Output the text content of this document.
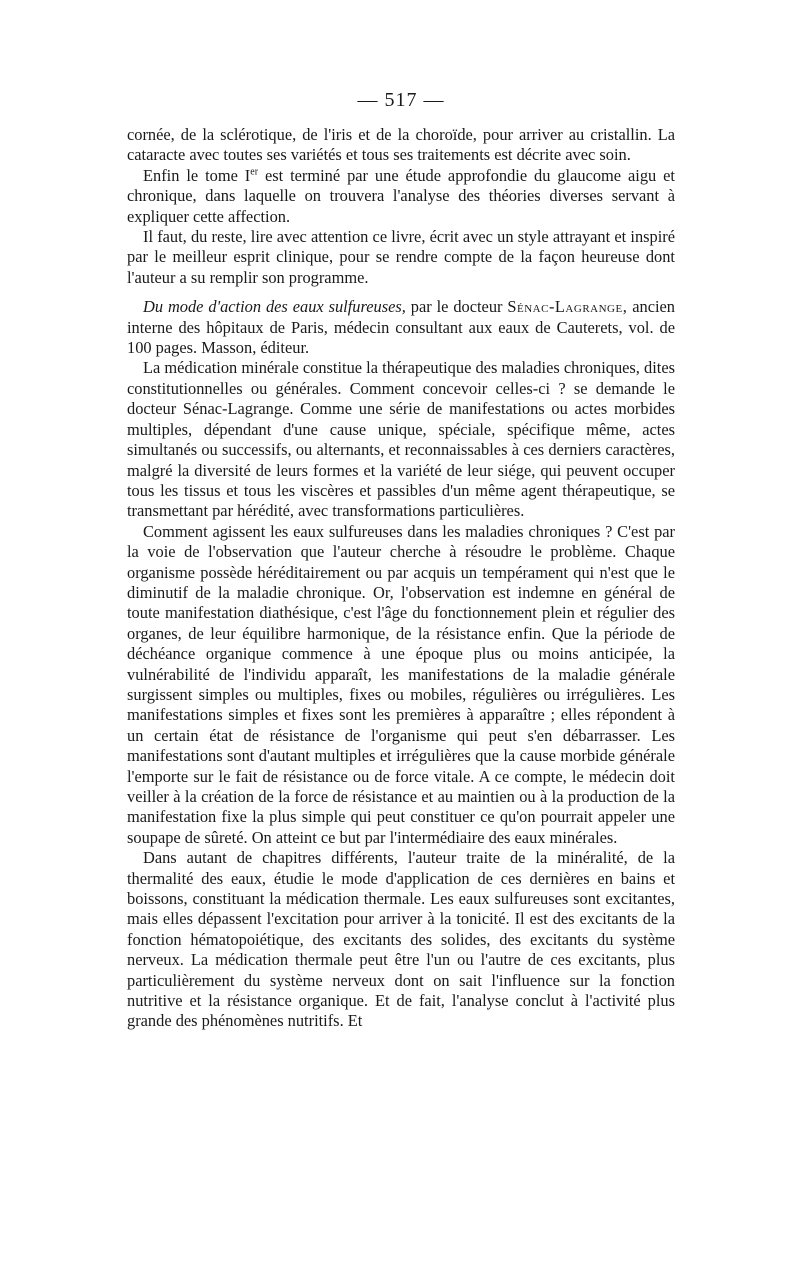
— 517 —

cornée, de la sclérotique, de l'iris et de la choroïde, pour arriver au cristallin. La cataracte avec toutes ses variétés et tous ses traitements est décrite avec soin.

Enfin le tome Ier est terminé par une étude approfondie du glaucome aigu et chronique, dans laquelle on trouvera l'analyse des théories diverses servant à expliquer cette affection.

Il faut, du reste, lire avec attention ce livre, écrit avec un style attrayant et inspiré par le meilleur esprit clinique, pour se rendre compte de la façon heureuse dont l'auteur a su remplir son programme.

Du mode d'action des eaux sulfureuses, par le docteur Sénac-Lagrange, ancien interne des hôpitaux de Paris, médecin consultant aux eaux de Cauterets, vol. de 100 pages. Masson, éditeur.

La médication minérale constitue la thérapeutique des maladies chroniques, dites constitutionnelles ou générales. Comment concevoir celles-ci ? se demande le docteur Sénac-Lagrange. Comme une série de manifestations ou actes morbides multiples, dépendant d'une cause unique, spéciale, spécifique même, actes simultanés ou successifs, ou alternants, et reconnaissables à ces derniers caractères, malgré la diversité de leurs formes et la variété de leur siége, qui peuvent occuper tous les tissus et tous les viscères et passibles d'un même agent thérapeutique, se transmettant par hérédité, avec transformations particulières.

Comment agissent les eaux sulfureuses dans les maladies chroniques ? C'est par la voie de l'observation que l'auteur cherche à résoudre le problème. Chaque organisme possède héréditairement ou par acquis un tempérament qui n'est que le diminutif de la maladie chronique. Or, l'observation est indemne en général de toute manifestation diathésique, c'est l'âge du fonctionnement plein et régulier des organes, de leur équilibre harmonique, de la résistance enfin. Que la période de déchéance organique commence à une époque plus ou moins anticipée, la vulnérabilité de l'individu apparaît, les manifestations de la maladie générale surgissent simples ou multiples, fixes ou mobiles, régulières ou irrégulières. Les manifestations simples et fixes sont les premières à apparaître ; elles répondent à un certain état de résistance de l'organisme qui peut s'en débarrasser. Les manifestations sont d'autant multiples et irrégulières que la cause morbide générale l'emporte sur le fait de résistance ou de force vitale. A ce compte, le médecin doit veiller à la création de la force de résistance et au maintien ou à la production de la manifestation fixe la plus simple qui peut constituer ce qu'on pourrait appeler une soupape de sûreté. On atteint ce but par l'intermédiaire des eaux minérales.

Dans autant de chapitres différents, l'auteur traite de la minéralité, de la thermalité des eaux, étudie le mode d'application de ces dernières en bains et boissons, constituant la médication thermale. Les eaux sulfureuses sont excitantes, mais elles dépassent l'excitation pour arriver à la tonicité. Il est des excitants de la fonction hématopoiétique, des excitants des solides, des excitants du système nerveux. La médication thermale peut être l'un ou l'autre de ces excitants, plus particulièrement du système nerveux dont on sait l'influence sur la fonction nutritive et la résistance organique. Et de fait, l'analyse conclut à l'activité plus grande des phénomènes nutritifs. Et
